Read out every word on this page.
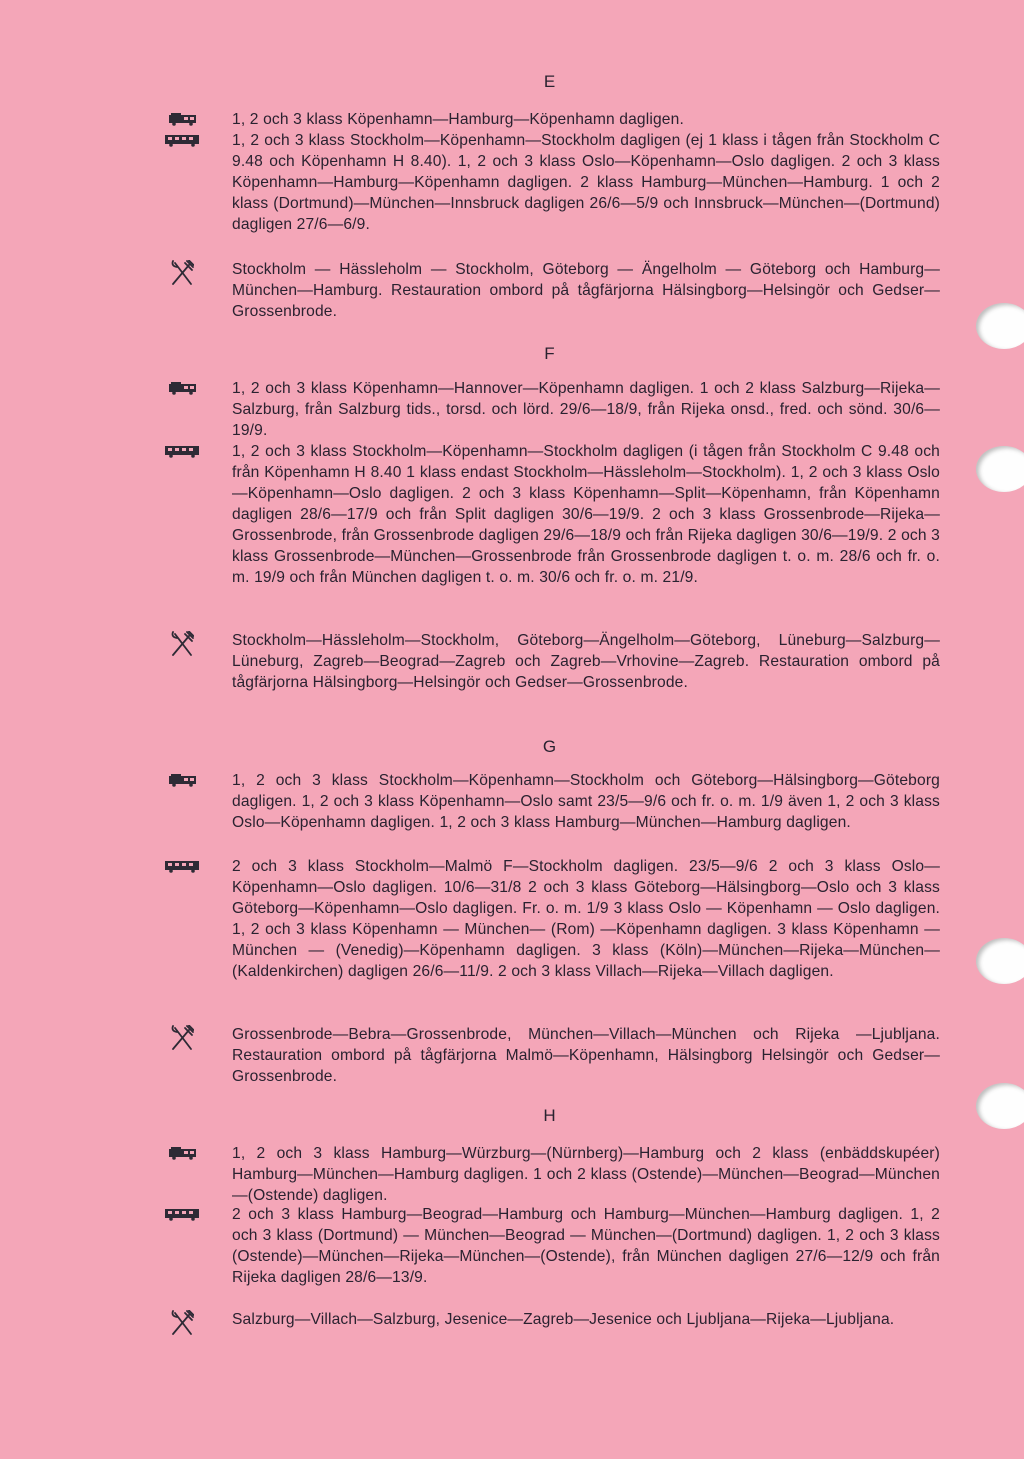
E
1, 2 och 3 klass Köpenhamn—Hamburg—Köpenhamn dagligen.
1, 2 och 3 klass Stockholm—Köpenhamn—Stockholm dagligen (ej 1 klass i tågen från Stockholm C 9.48 och Köpenhamn H 8.40). 1, 2 och 3 klass Oslo—Köpenhamn—Oslo dagligen. 2 och 3 klass Köpenhamn—Hamburg—Köpenhamn dagligen. 2 klass Hamburg—München—Hamburg. 1 och 2 klass (Dortmund)—München—Innsbruck dagligen 26/6—5/9 och Innsbruck—München—(Dortmund) dagligen 27/6—6/9.
Stockholm — Hässleholm — Stockholm, Göteborg — Ängelholm — Göteborg och Hamburg—München—Hamburg. Restauration ombord på tågfärjorna Hälsingborg—Helsingör och Gedser—Grossenbrode.
F
1, 2 och 3 klass Köpenhamn—Hannover—Köpenhamn dagligen. 1 och 2 klass Salzburg—Rijeka—Salzburg, från Salzburg tids., torsd. och lörd. 29/6—18/9, från Rijeka onsd., fred. och sönd. 30/6—19/9.
1, 2 och 3 klass Stockholm—Köpenhamn—Stockholm dagligen (i tågen från Stockholm C 9.48 och från Köpenhamn H 8.40 1 klass endast Stockholm—Hässleholm—Stockholm). 1, 2 och 3 klass Oslo—Köpenhamn—Oslo dagligen. 2 och 3 klass Köpenhamn—Split—Köpenhamn, från Köpenhamn dagligen 28/6—17/9 och från Split dagligen 30/6—19/9. 2 och 3 klass Grossenbrode—Rijeka—Grossenbrode, från Grossenbrode dagligen 29/6—18/9 och från Rijeka dagligen 30/6—19/9. 2 och 3 klass Grossenbrode—München—Grossenbrode från Grossenbrode dagligen t. o. m. 28/6 och fr. o. m. 19/9 och från München dagligen t. o. m. 30/6 och fr. o. m. 21/9.
Stockholm—Hässleholm—Stockholm, Göteborg—Ängelholm—Göteborg, Lüneburg—Salzburg—Lüneburg, Zagreb—Beograd—Zagreb och Zagreb—Vrhovine—Zagreb. Restauration ombord på tågfärjorna Hälsingborg—Helsingör och Gedser—Grossenbrode.
G
1, 2 och 3 klass Stockholm—Köpenhamn—Stockholm och Göteborg—Hälsingborg—Göteborg dagligen. 1, 2 och 3 klass Köpenhamn—Oslo samt 23/5—9/6 och fr. o. m. 1/9 även 1, 2 och 3 klass Oslo—Köpenhamn dagligen. 1, 2 och 3 klass Hamburg—München—Hamburg dagligen.
2 och 3 klass Stockholm—Malmö F—Stockholm dagligen. 23/5—9/6 2 och 3 klass Oslo—Köpenhamn—Oslo dagligen. 10/6—31/8 2 och 3 klass Göteborg—Hälsingborg—Oslo och 3 klass Göteborg—Köpenhamn—Oslo dagligen. Fr. o. m. 1/9 3 klass Oslo — Köpenhamn — Oslo dagligen. 1, 2 och 3 klass Köpenhamn — München— (Rom) —Köpenhamn dagligen. 3 klass Köpenhamn — München — (Venedig)—Köpenhamn dagligen. 3 klass (Köln)—München—Rijeka—München—(Kaldenkirchen) dagligen 26/6—11/9. 2 och 3 klass Villach—Rijeka—Villach dagligen.
Grossenbrode—Bebra—Grossenbrode, München—Villach—München och Rijeka —Ljubljana. Restauration ombord på tågfärjorna Malmö—Köpenhamn, Hälsingborg Helsingör och Gedser—Grossenbrode.
H
1, 2 och 3 klass Hamburg—Würzburg—(Nürnberg)—Hamburg och 2 klass (enbäddskupéer) Hamburg—München—Hamburg dagligen. 1 och 2 klass (Ostende)—München—Beograd—München—(Ostende) dagligen.
2 och 3 klass Hamburg—Beograd—Hamburg och Hamburg—München—Hamburg dagligen. 1, 2 och 3 klass (Dortmund) — München—Beograd — München—(Dortmund) dagligen. 1, 2 och 3 klass (Ostende)—München—Rijeka—München—(Ostende), från München dagligen 27/6—12/9 och från Rijeka dagligen 28/6—13/9.
Salzburg—Villach—Salzburg, Jesenice—Zagreb—Jesenice och Ljubljana—Rijeka—Ljubljana.
